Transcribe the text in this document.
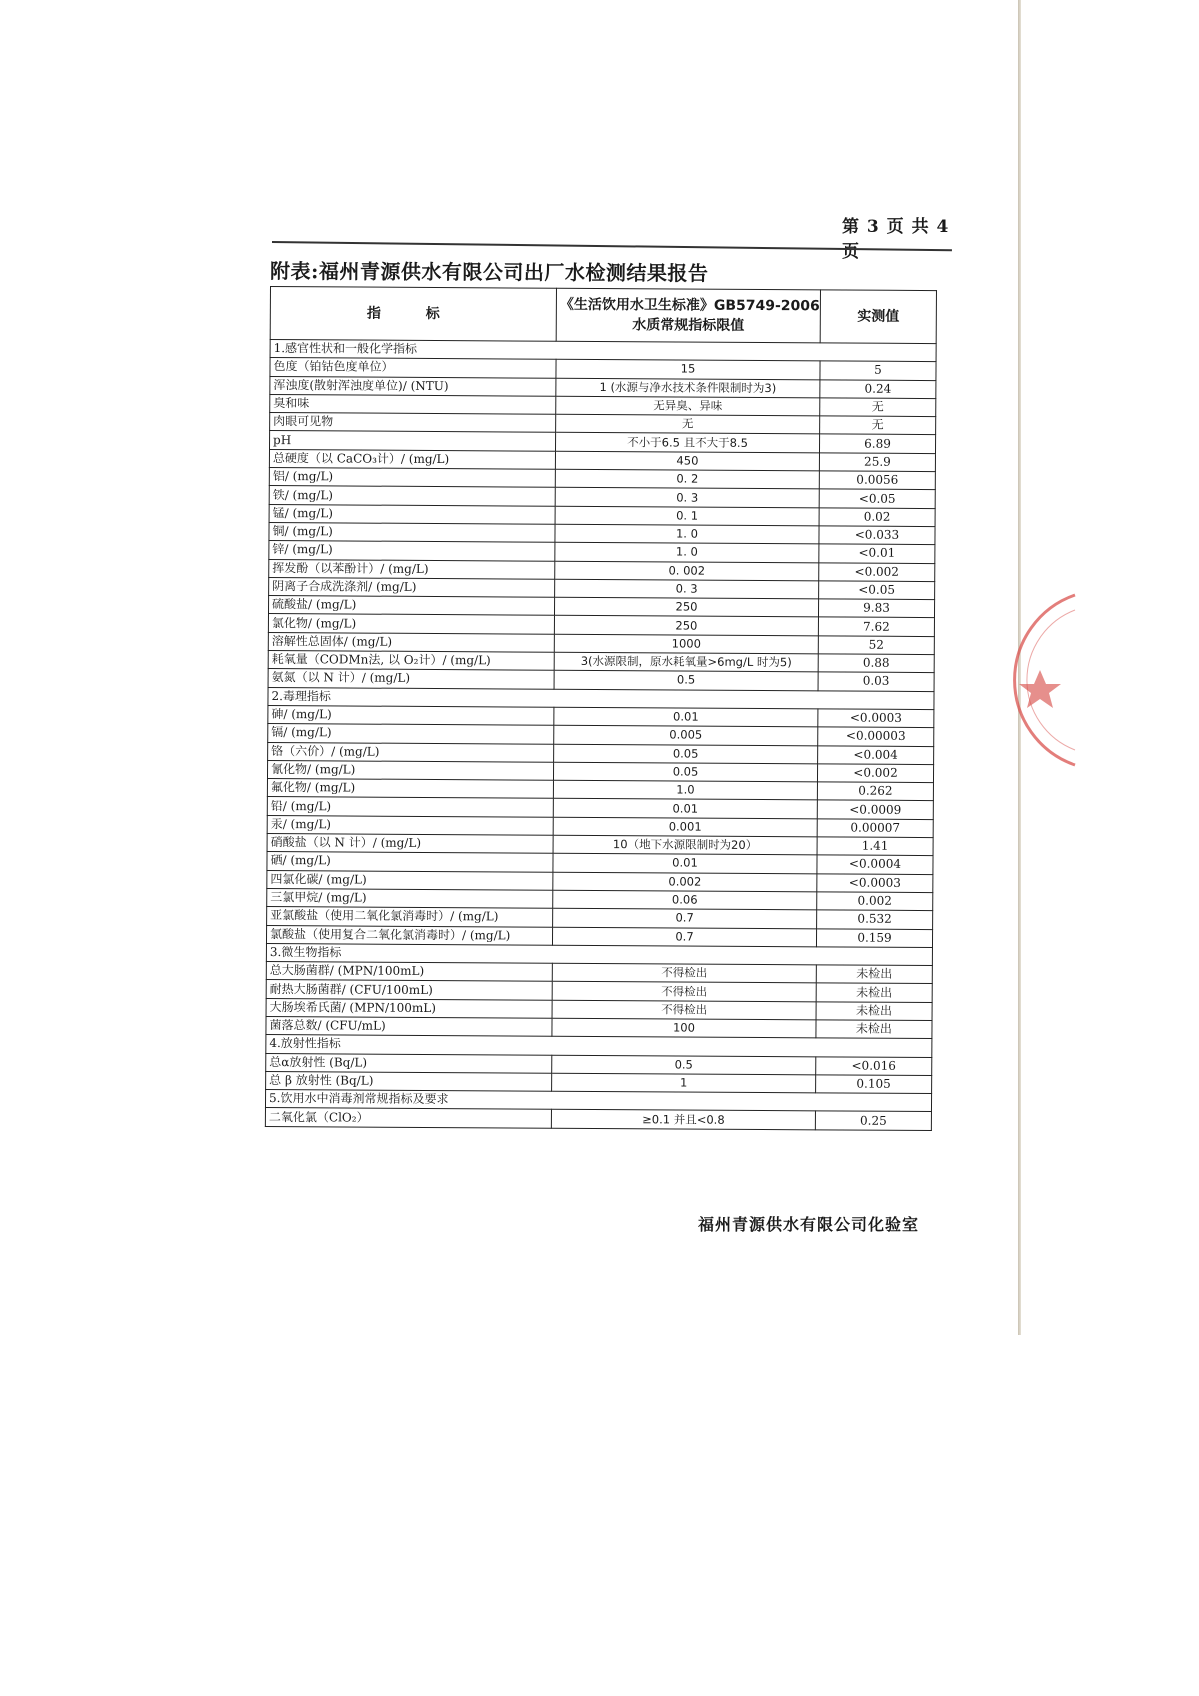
第 3 页 共 4 页
附表:福州青源供水有限公司出厂水检测结果报告
指 标	《生活饮用水卫生标准》GB5749-2006
水质常规指标限值	实测值
1.感官性状和一般化学指标		
色度（铂钴色度单位）	15	5
浑浊度(散射浑浊度单位)/ (NTU)	1 (水源与净水技术条件限制时为3)	0.24
臭和味	无异臭、异味	无
肉眼可见物	无	无
pH	不小于6.5 且不大于8.5	6.89
总硬度（以 CaCO₃计）/ (mg/L)	450	25.9
铝/ (mg/L)	0. 2	0.0056
铁/ (mg/L)	0. 3	<0.05
锰/ (mg/L)	0. 1	0.02
铜/ (mg/L)	1. 0	<0.033
锌/ (mg/L)	1. 0	<0.01
挥发酚（以苯酚计）/ (mg/L)	0. 002	<0.002
阴离子合成洗涤剂/ (mg/L)	0. 3	<0.05
硫酸盐/ (mg/L)	250	9.83
氯化物/ (mg/L)	250	7.62
溶解性总固体/ (mg/L)	1000	52
耗氧量（CODMn法, 以 O₂计）/ (mg/L)	3(水源限制，原水耗氧量>6mg/L 时为5)	0.88
氨氮（以 N 计）/ (mg/L)	0.5	0.03
2.毒理指标		
砷/ (mg/L)	0.01	<0.0003
镉/ (mg/L)	0.005	<0.00003
铬（六价）/ (mg/L)	0.05	<0.004
氰化物/ (mg/L)	0.05	<0.002
氟化物/ (mg/L)	1.0	0.262
铅/ (mg/L)	0.01	<0.0009
汞/ (mg/L)	0.001	0.00007
硝酸盐（以 N 计）/ (mg/L)	10（地下水源限制时为20）	1.41
硒/ (mg/L)	0.01	<0.0004
四氯化碳/ (mg/L)	0.002	<0.0003
三氯甲烷/ (mg/L)	0.06	0.002
亚氯酸盐（使用二氧化氯消毒时）/ (mg/L)	0.7	0.532
氯酸盐（使用复合二氧化氯消毒时）/ (mg/L)	0.7	0.159
3.微生物指标		
总大肠菌群/ (MPN/100mL)	不得检出	未检出
耐热大肠菌群/ (CFU/100mL)	不得检出	未检出
大肠埃希氏菌/ (MPN/100mL)	不得检出	未检出
菌落总数/ (CFU/mL)	100	未检出
4.放射性指标		
总α放射性 (Bq/L)	0.5	<0.016
总 β 放射性 (Bq/L)	1	0.105
5.饮用水中消毒剂常规指标及要求		
二氧化氯（ClO₂）	≥0.1 并且<0.8	0.25
福州青源供水有限公司化验室
